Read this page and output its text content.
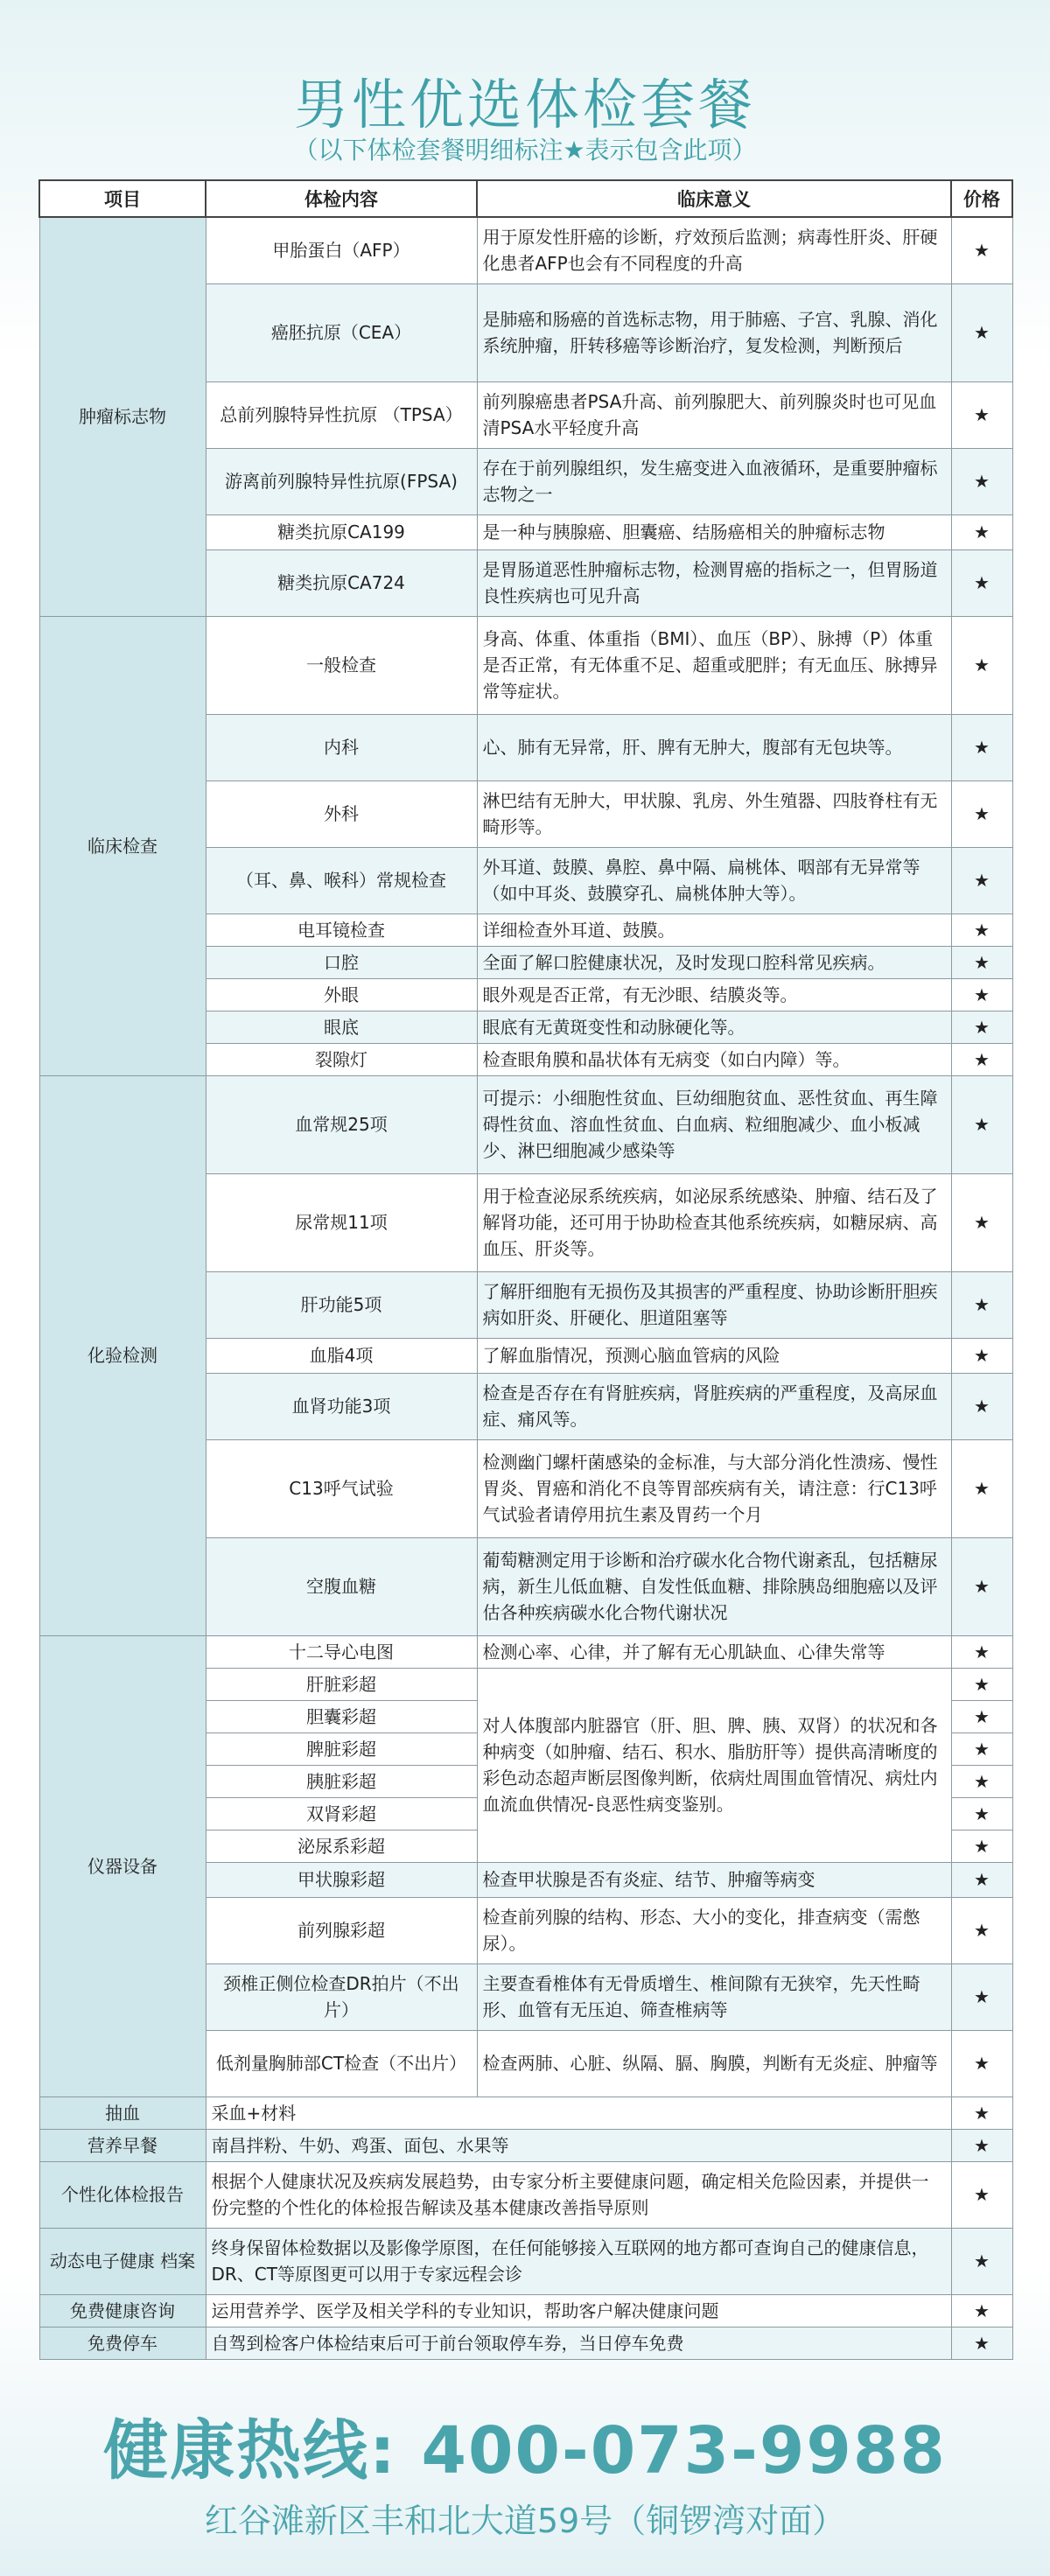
男性优选体检套餐
（以下体检套餐明细标注★表示包含此项）
项目	体检内容	临床意义	价格
肿瘤标志物	甲胎蛋白（AFP）	用于原发性肝癌的诊断，疗效预后监测；病毒性肝炎、肝硬化患者AFP也会有不同程度的升高	★
	癌胚抗原（CEA）	是肺癌和肠癌的首选标志物，用于肺癌、子宫、乳腺、消化系统肿瘤，肝转移癌等诊断治疗，复发检测，判断预后	★
	总前列腺特异性抗原 （TPSA）	前列腺癌患者PSA升高、前列腺肥大、前列腺炎时也可见血清PSA水平轻度升高	★
	游离前列腺特异性抗原(FPSA)	存在于前列腺组织，发生癌变进入血液循环，是重要肿瘤标志物之一	★
	糖类抗原CA199	是一种与胰腺癌、胆囊癌、结肠癌相关的肿瘤标志物	★
	糖类抗原CA724	是胃肠道恶性肿瘤标志物，检测胃癌的指标之一，但胃肠道良性疾病也可见升高	★
临床检查	一般检查	身高、体重、体重指（BMI）、血压（BP）、脉搏（P）体重是否正常，有无体重不足、超重或肥胖；有无血压、脉搏异常等症状。	★
	内科	心、肺有无异常，肝、脾有无肿大，腹部有无包块等。	★
	外科	淋巴结有无肿大，甲状腺、乳房、外生殖器、四肢脊柱有无畸形等。	★
	（耳、鼻、喉科）常规检查	外耳道、鼓膜、鼻腔、鼻中隔、扁桃体、咽部有无异常等（如中耳炎、鼓膜穿孔、扁桃体肿大等）。	★
	电耳镜检查	详细检查外耳道、鼓膜。	★
	口腔	全面了解口腔健康状况，及时发现口腔科常见疾病。	★
	外眼	眼外观是否正常，有无沙眼、结膜炎等。	★
	眼底	眼底有无黄斑变性和动脉硬化等。	★
	裂隙灯	检查眼角膜和晶状体有无病变（如白内障）等。	★
化验检测	血常规25项	可提示：小细胞性贫血、巨幼细胞贫血、恶性贫血、再生障碍性贫血、溶血性贫血、白血病、粒细胞减少、血小板减少、淋巴细胞减少感染等	★
	尿常规11项	用于检查泌尿系统疾病，如泌尿系统感染、肿瘤、结石及了解肾功能，还可用于协助检查其他系统疾病，如糖尿病、高血压、肝炎等。	★
	肝功能5项	了解肝细胞有无损伤及其损害的严重程度、协助诊断肝胆疾病如肝炎、肝硬化、胆道阻塞等	★
	血脂4项	了解血脂情况，预测心脑血管病的风险	★
	血肾功能3项	检查是否存在有肾脏疾病，肾脏疾病的严重程度，及高尿血症、痛风等。	★
	C13呼气试验	检测幽门螺杆菌感染的金标准，与大部分消化性溃疡、慢性胃炎、胃癌和消化不良等胃部疾病有关，请注意：行C13呼气试验者请停用抗生素及胃药一个月	★
	空腹血糖	葡萄糖测定用于诊断和治疗碳水化合物代谢紊乱，包括糖尿病，新生儿低血糖、自发性低血糖、排除胰岛细胞癌以及评估各种疾病碳水化合物代谢状况	★
仪器设备	十二导心电图	检测心率、心律，并了解有无心肌缺血、心律失常等	★
	肝脏彩超	对人体腹部内脏器官（肝、胆、脾、胰、双肾）的状况和各种病变（如肿瘤、结石、积水、脂肪肝等）提供高清晰度的彩色动态超声断层图像判断，依病灶周围血管情况、病灶内血流血供情况-良恶性病变鉴别。	★
	胆囊彩超		★
	脾脏彩超		★
	胰脏彩超		★
	双肾彩超		★
	泌尿系彩超		★
	甲状腺彩超	检查甲状腺是否有炎症、结节、肿瘤等病变	★
	前列腺彩超	检查前列腺的结构、形态、大小的变化，排查病变（需憋尿）。	★
	颈椎正侧位检查DR拍片（不出片）	主要查看椎体有无骨质增生、椎间隙有无狭窄，先天性畸形、血管有无压迫、筛查椎病等	★
	低剂量胸肺部CT检查（不出片）	检查两肺、心脏、纵隔、膈、胸膜，判断有无炎症、肿瘤等	★
抽血	采血+材料		★
营养早餐	南昌拌粉、牛奶、鸡蛋、面包、水果等		★
个性化体检报告	根据个人健康状况及疾病发展趋势，由专家分析主要健康问题，确定相关危险因素，并提供一份完整的个性化的体检报告解读及基本健康改善指导原则		★
动态电子健康 档案	终身保留体检数据以及影像学原图，在任何能够接入互联网的地方都可查询自己的健康信息，DR、CT等原图更可以用于专家远程会诊		★
免费健康咨询	运用营养学、医学及相关学科的专业知识，帮助客户解决健康问题		★
免费停车	自驾到检客户体检结束后可于前台领取停车券，当日停车免费		★
健康热线: 400-073-9988
红谷滩新区丰和北大道59号（铜锣湾对面）
